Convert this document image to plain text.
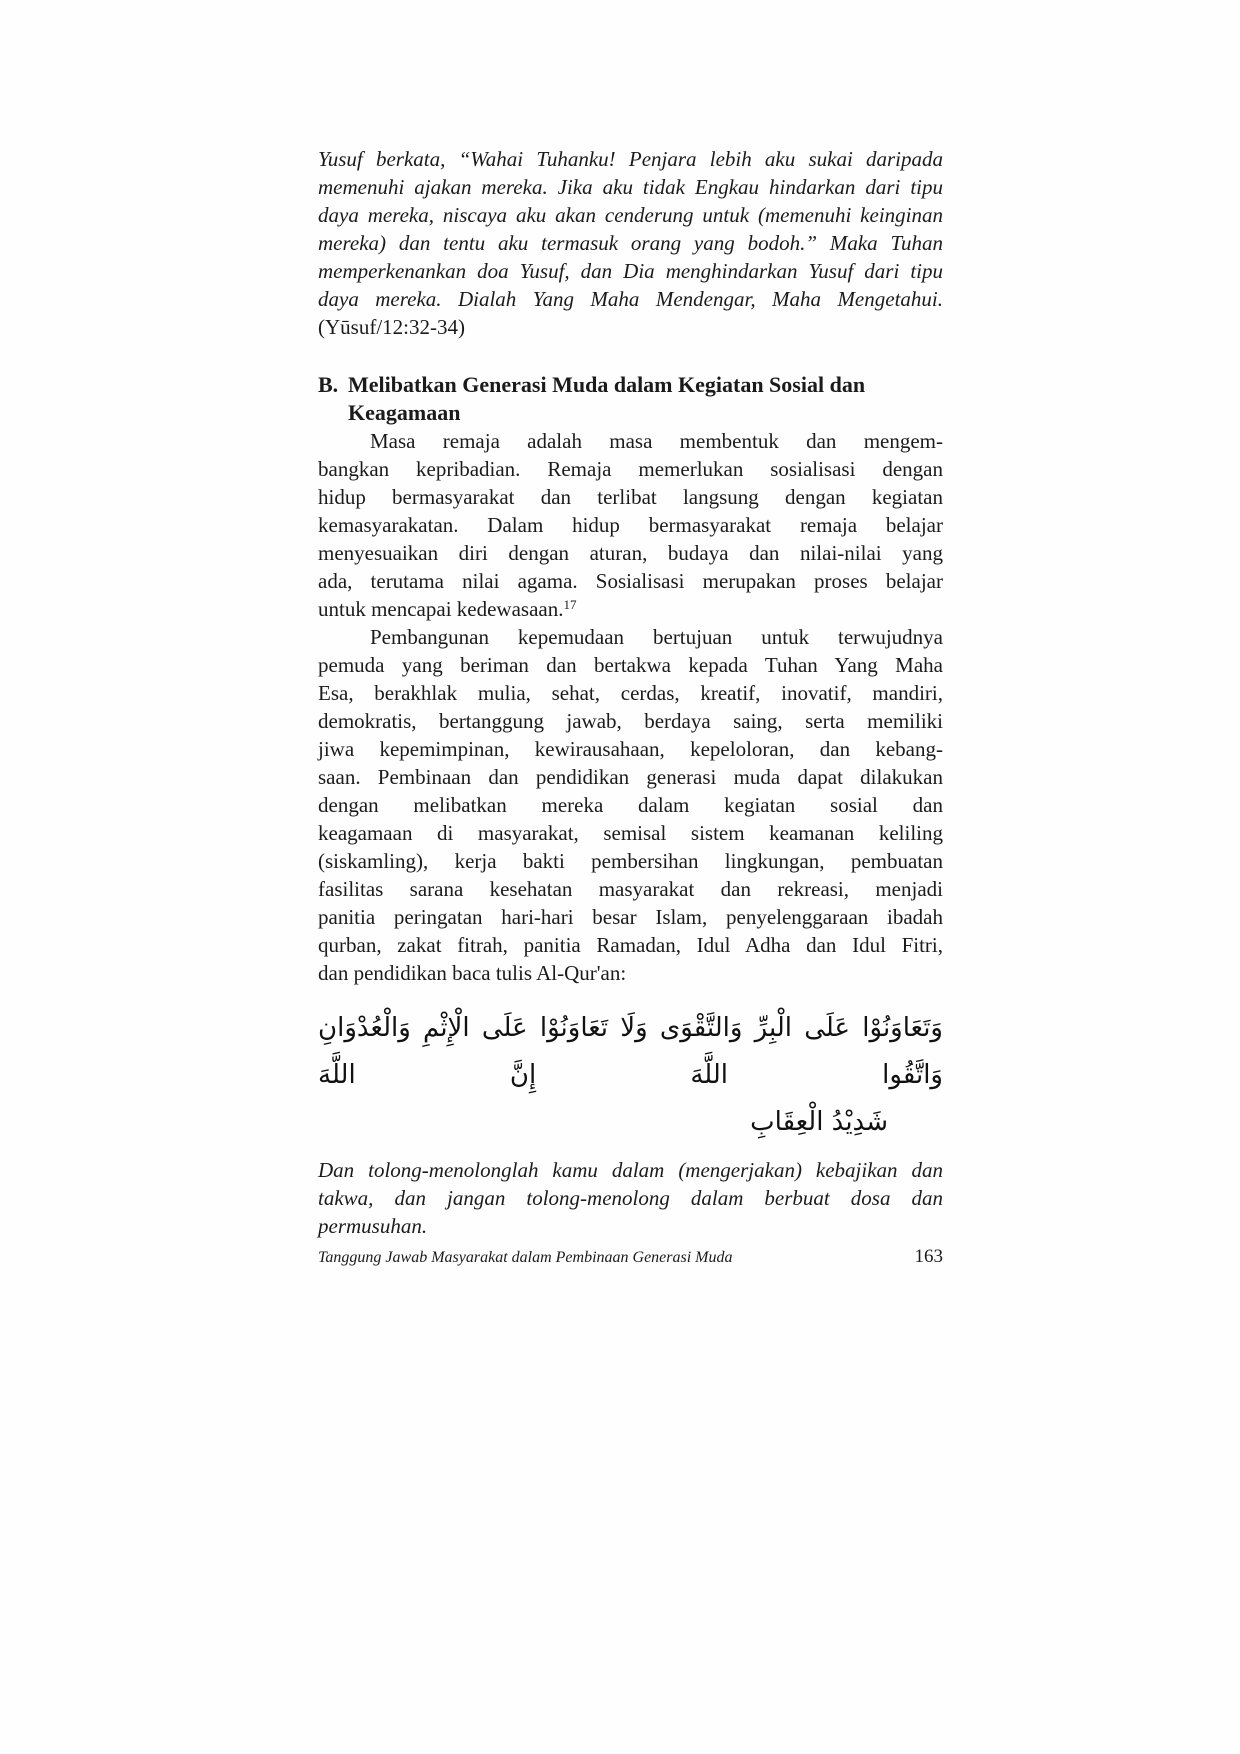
Yusuf berkata, “Wahai Tuhanku! Penjara lebih aku sukai daripada
memenuhi ajakan mereka. Jika aku tidak Engkau hindarkan dari tipu
daya mereka, niscaya aku akan cenderung untuk (memenuhi keinginan
mereka) dan tentu aku termasuk orang yang bodoh.” Maka Tuhan
memperkenankan doa Yusuf, dan Dia menghindarkan Yusuf dari tipu
daya mereka. Dialah Yang Maha Mendengar, Maha Mengetahui.
(Yūsuf/12:32-34)
B. Melibatkan Generasi Muda dalam Kegiatan Sosial dan
Keagamaan
Masa remaja adalah masa membentuk dan mengem-
bangkan kepribadian. Remaja memerlukan sosialisasi dengan
hidup bermasyarakat dan terlibat langsung dengan kegiatan
kemasyarakatan. Dalam hidup bermasyarakat remaja belajar
menyesuaikan diri dengan aturan, budaya dan nilai-nilai yang
ada, terutama nilai agama. Sosialisasi merupakan proses belajar
untuk mencapai kedewasaan.$^{17}$
Pembangunan kepemudaan bertujuan untuk terwujudnya
pemuda yang beriman dan bertakwa kepada Tuhan Yang Maha
Esa, berakhlak mulia, sehat, cerdas, kreatif, inovatif, mandiri,
demokratis, bertanggung jawab, berdaya saing, serta memiliki
jiwa kepemimpinan, kewirausahaan, kepeloloran, dan kebang-
saan. Pembinaan dan pendidikan generasi muda dapat dilakukan
dengan melibatkan mereka dalam kegiatan sosial dan
keagamaan di masyarakat, semisal sistem keamanan keliling
(siskamling), kerja bakti pembersihan lingkungan, pembuatan
fasilitas sarana kesehatan masyarakat dan rekreasi, menjadi
panitia peringatan hari-hari besar Islam, penyelenggaraan ibadah
qurban, zakat fitrah, panitia Ramadan, Idul Adha dan Idul Fitri,
dan pendidikan baca tulis Al-Qur'an:
وَتَعَاوَنُوْا عَلَى الْبِرِّ وَالتَّقْوَى وَلَا تَعَاوَنُوْا عَلَى الْإِثْمِ وَالْعُدْوَانِ وَاتَّقُوا اللَّهَ إِنَّ اللَّهَ
شَدِيْدُ الْعِقَابِ
Dan tolong-menolonglah kamu dalam (mengerjakan) kebajikan dan
takwa, dan jangan tolong-menolong dalam berbuat dosa dan permusuhan.
Tanggung Jawab Masyarakat dalam Pembinaan Generasi Muda	163
